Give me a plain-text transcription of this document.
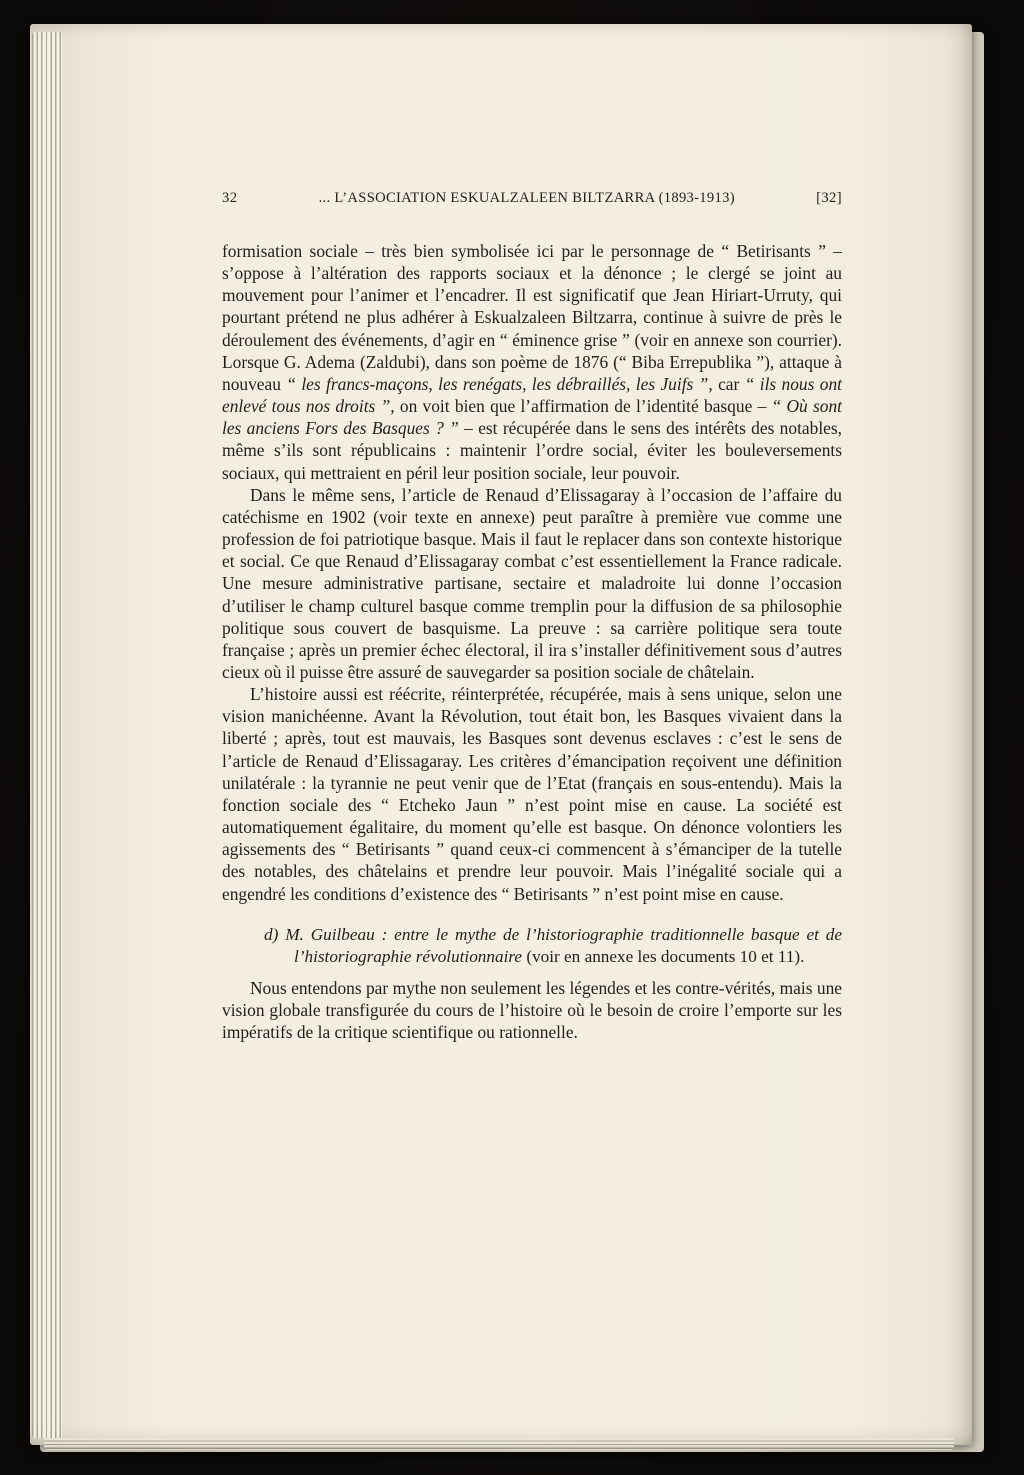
32	... L’ASSOCIATION ESKUALZALEEN BILTZARRA (1893-1913)	[32]

formisation sociale – très bien symbolisée ici par le personnage de “ Betirisants ” – s’oppose à l’altération des rapports sociaux et la dénonce ; le clergé se joint au mouvement pour l’animer et l’encadrer. Il est significatif que Jean Hiriart-Urruty, qui pourtant prétend ne plus adhérer à Eskualzaleen Biltzarra, continue à suivre de près le déroulement des événements, d’agir en “ éminence grise ” (voir en annexe son courrier). Lorsque G. Adema (Zaldubi), dans son poème de 1876 (“ Biba Errepublika ”), attaque à nouveau “ les francs-maçons, les renégats, les débraillés, les Juifs ”, car “ ils nous ont enlevé tous nos droits ”, on voit bien que l’affirmation de l’identité basque – “ Où sont les anciens Fors des Basques ? ” – est récupérée dans le sens des intérêts des notables, même s’ils sont républicains : maintenir l’ordre social, éviter les bouleversements sociaux, qui mettraient en péril leur position sociale, leur pouvoir.

Dans le même sens, l’article de Renaud d’Elissagaray à l’occasion de l’affaire du catéchisme en 1902 (voir texte en annexe) peut paraître à première vue comme une profession de foi patriotique basque. Mais il faut le replacer dans son contexte historique et social. Ce que Renaud d’Elissagaray combat c’est essentiellement la France radicale. Une mesure administrative partisane, sectaire et maladroite lui donne l’occasion d’utiliser le champ culturel basque comme tremplin pour la diffusion de sa philosophie politique sous couvert de basquisme. La preuve : sa carrière politique sera toute française ; après un premier échec électoral, il ira s’installer définitivement sous d’autres cieux où il puisse être assuré de sauvegarder sa position sociale de châtelain.

L’histoire aussi est réécrite, réinterprétée, récupérée, mais à sens unique, selon une vision manichéenne. Avant la Révolution, tout était bon, les Basques vivaient dans la liberté ; après, tout est mauvais, les Basques sont devenus esclaves : c’est le sens de l’article de Renaud d’Elissagaray. Les critères d’émancipation reçoivent une définition unilatérale : la tyrannie ne peut venir que de l’Etat (français en sous-entendu). Mais la fonction sociale des “ Etcheko Jaun ” n’est point mise en cause. La société est automatiquement égalitaire, du moment qu’elle est basque. On dénonce volontiers les agissements des “ Betirisants ” quand ceux-ci commencent à s’émanciper de la tutelle des notables, des châtelains et prendre leur pouvoir. Mais l’inégalité sociale qui a engendré les conditions d’existence des “ Betirisants ” n’est point mise en cause.

d) M. Guilbeau : entre le mythe de l’historiographie traditionnelle basque et de l’historiographie révolutionnaire (voir en annexe les documents 10 et 11).

Nous entendons par mythe non seulement les légendes et les contre-vérités, mais une vision globale transfigurée du cours de l’histoire où le besoin de croire l’emporte sur les impératifs de la critique scientifique ou rationnelle.
